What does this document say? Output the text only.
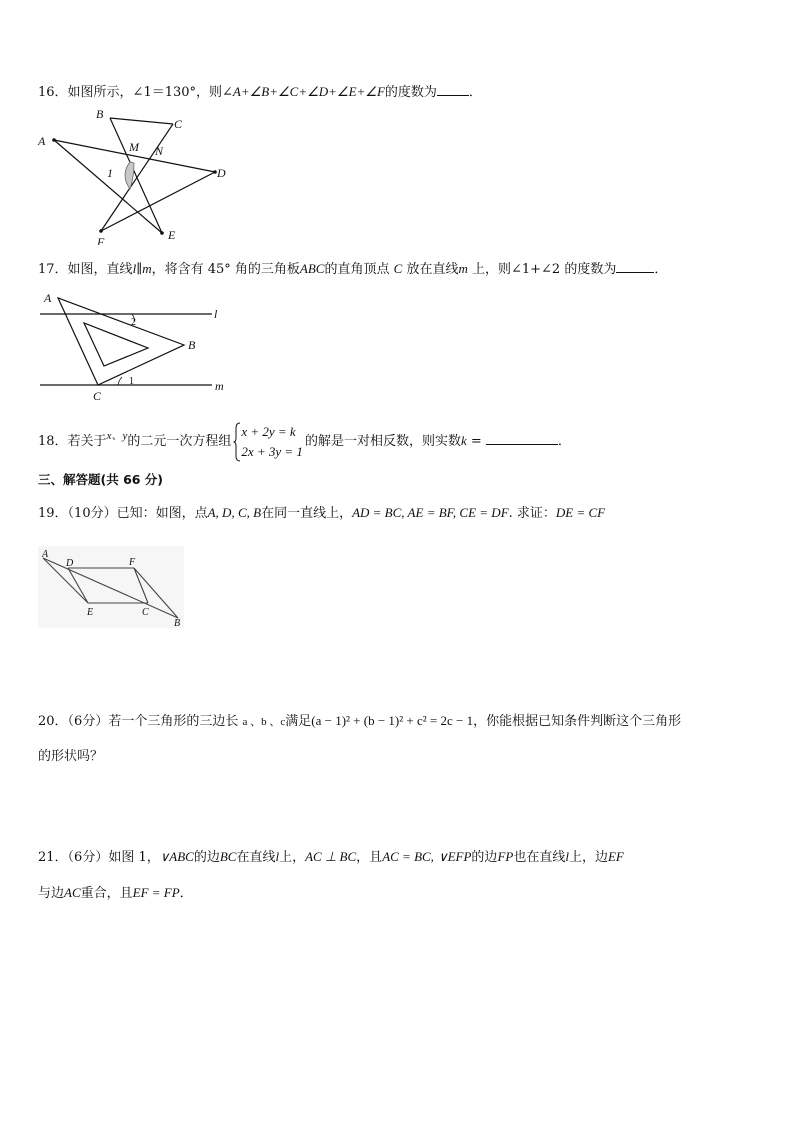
16．如图所示，∠1＝130°，则∠A+∠B+∠C+∠D+∠E+∠F的度数为 ．
A
B
C
D
E
F
M N
1
17．如图，直线l∥m，将含有 45° 角的三角板ABC的直角顶点 C 放在直线m 上，则∠1+∠2 的度数为	．
A
B
C
l
m
1
2
18．若关于$^{x、y}$的二元一次方程组
x + 2y = k
2x + 3y = 1
的解是一对相反数，则实数k =	．
三、解答题(共 66 分)
19．（10分）已知：如图，点A, D, C, B在同一直线上，AD = BC, AE = BF, CE = DF. 求证：DE = CF
A
D	F
E	C
B
20．（6分）若一个三角形的三边长 a 、b 、c满足(a − 1)² + (b − 1)² + c² = 2c − 1，你能根据已知条件判断这个三角形
的形状吗？
21．（6分）如图 1，∨ABC的边BC在直线l上，AC ⊥ BC，且AC = BC, ∨EFP的边FP也在直线l上，边EF
与边AC重合，且EF = FP．
